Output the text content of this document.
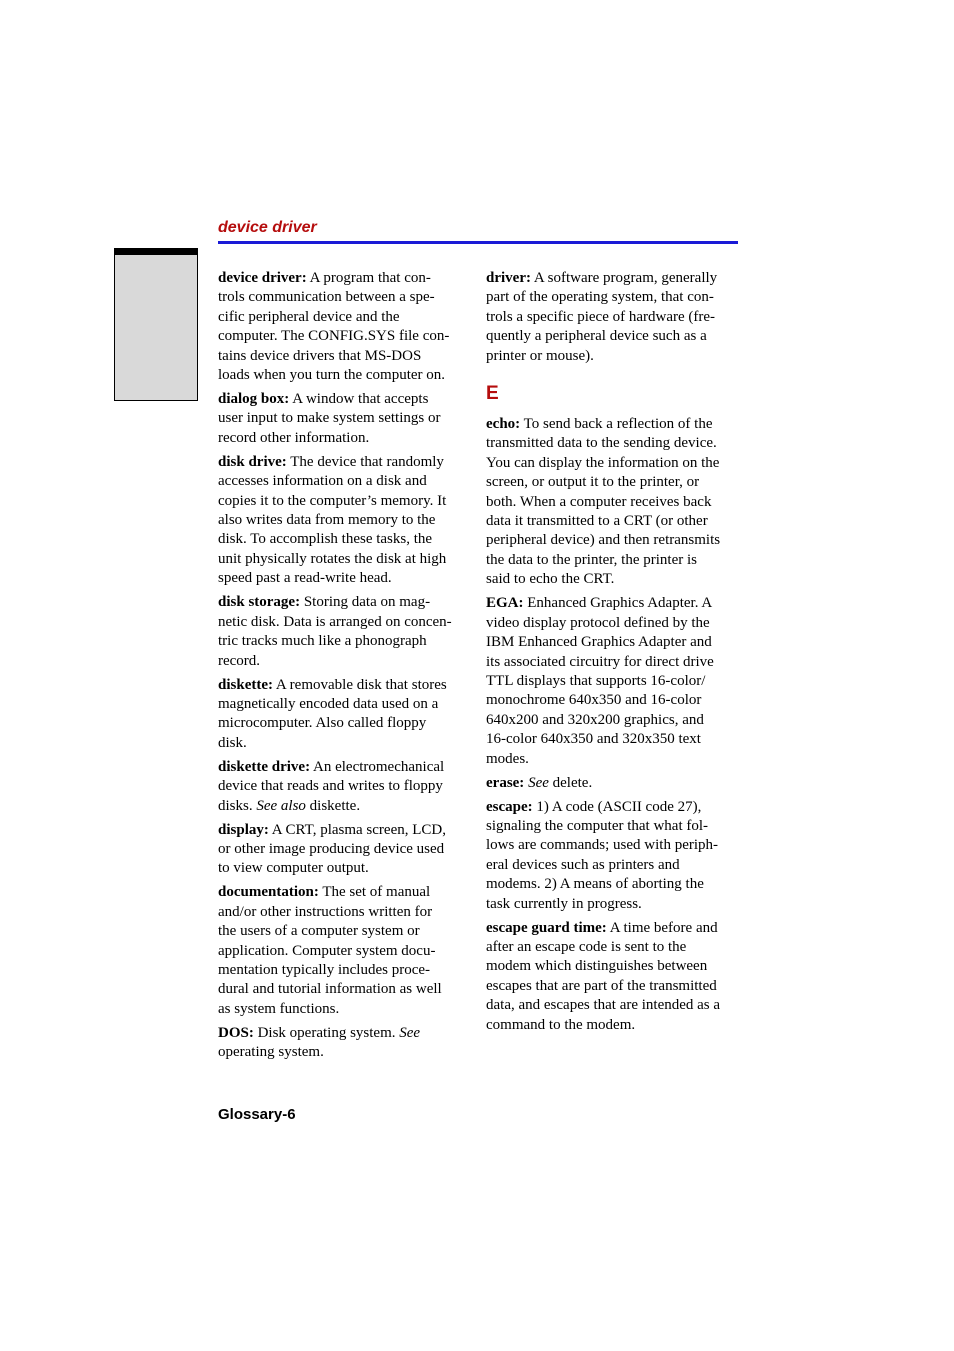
device driver

device driver: A program that con-
trols communication between a spe-
cific peripheral device and the
computer. The CONFIG.SYS file con-
tains device drivers that MS-DOS
loads when you turn the computer on.

dialog box: A window that accepts
user input to make system settings or
record other information.

disk drive: The device that randomly
accesses information on a disk and
copies it to the computer’s memory. It
also writes data from memory to the
disk. To accomplish these tasks, the
unit physically rotates the disk at high
speed past a read-write head.

disk storage: Storing data on mag-
netic disk. Data is arranged on concen-
tric tracks much like a phonograph
record.

diskette: A removable disk that stores
magnetically encoded data used on a
microcomputer. Also called floppy
disk.

diskette drive: An electromechanical
device that reads and writes to floppy
disks. See also diskette.

display: A CRT, plasma screen, LCD,
or other image producing device used
to view computer output.

documentation: The set of manual
and/or other instructions written for
the users of a computer system or
application. Computer system docu-
mentation typically includes proce-
dural and tutorial information as well
as system functions.

DOS: Disk operating system. See
operating system.

driver: A software program, generally
part of the operating system, that con-
trols a specific piece of hardware (fre-
quently a peripheral device such as a
printer or mouse).

E

echo: To send back a reflection of the
transmitted data to the sending device.
You can display the information on the
screen, or output it to the printer, or
both. When a computer receives back
data it transmitted to a CRT (or other
peripheral device) and then retransmits
the data to the printer, the printer is
said to echo the CRT.

EGA: Enhanced Graphics Adapter. A
video display protocol defined by the
IBM Enhanced Graphics Adapter and
its associated circuitry for direct drive
TTL displays that supports 16-color/
monochrome 640x350 and 16-color
640x200 and 320x200 graphics, and
16-color 640x350 and 320x350 text
modes.

erase: See delete.

escape: 1) A code (ASCII code 27),
signaling the computer that what fol-
lows are commands; used with periph-
eral devices such as printers and
modems. 2) A means of aborting the
task currently in progress.

escape guard time: A time before and
after an escape code is sent to the
modem which distinguishes between
escapes that are part of the transmitted
data, and escapes that are intended as a
command to the modem.

Glossary-6
